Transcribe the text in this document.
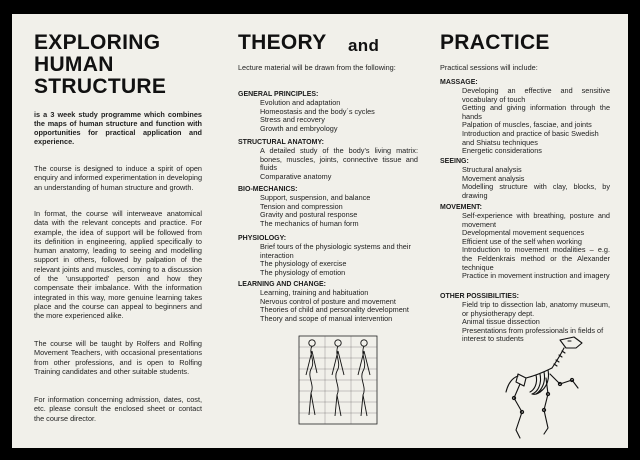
EXPLORING
HUMAN
STRUCTURE
is a 3 week study programme which combines the maps of human structure and function with opportunities for practical application and experience.
The course is designed to induce a spirit of open enquiry and informed experimentation in developing an understanding of human structure and growth.
In format, the course will interweave anatomical data with the relevant concepts and practice. For example, the idea of support will be followed from its definition in engineering, applied specifically to human anatomy, leading to seeing and modelling support in others, followed by palpation of the relevant joints and muscles, coming to a discussion of the 'unsupported' person and how they compensate their imbalance. With the information integrated in this way, more genuine learning takes place and the course can appeal to beginners and the more experienced alike.
The course will be taught by Rolfers and Rolfing Movement Teachers, with occasional presentations from other professions, and is open to Rolfing Training candidates and other suitable students.
For information concerning admission, dates, cost, etc. please consult the enclosed sheet or contact the course director.
THEORY and
Lecture material will be drawn from the following:
GENERAL PRINCIPLES:
Evolution and adaptation
Homeostasis and the body´s cycles
Stress and recovery
Growth and embryology
STRUCTURAL ANATOMY:
A detailed study of the body's living matrix: bones, muscles, joints, connective tissue and fluids
Comparative anatomy
BIO-MECHANICS:
Support, suspension, and balance
Tension and compression
Gravity and postural response
The mechanics of human form
PHYSIOLOGY:
Brief tours of the physiologic systems and their interaction
The physiology of exercise
The physiology of emotion
LEARNING AND CHANGE:
Learning, training and habituation
Nervous control of posture and movement
Theories of child and personality development
Theory and scope of manual intervention
PRACTICE
Practical sessions will include:
MASSAGE:
Developing an effective and sensitive vocabulary of touch
Getting and giving information through the hands
Palpation of muscles, fasciae, and joints
Introduction and practice of basic Swedish and Shiatsu techniques
Energetic considerations
SEEING:
Structural analysis
Movement analysis
Modelling structure with clay, blocks, by drawing
MOVEMENT:
Self-experience with breathing, posture and movement
Developmental movement sequences
Efficient use of the self when working
Introduction to movement modalities – e.g. the Feldenkrais method or the Alexander technique
Practice in movement instruction and imagery
OTHER POSSIBILITIES:
Field trip to dissection lab, anatomy museum, or physiotherapy dept.
Animal tissue dissection
Presentations from professionals in fields of interest to students
